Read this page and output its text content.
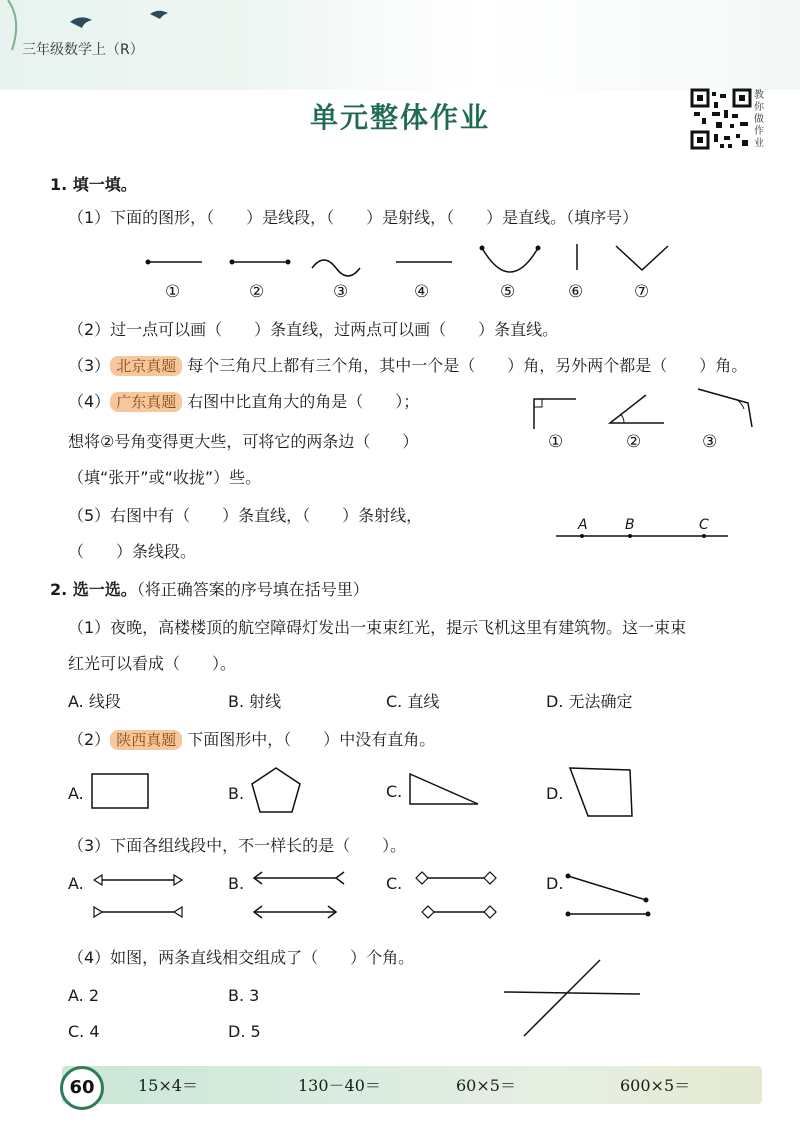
三年级数学上（R）
单元整体作业
教你做作业
1. 填一填。
（1）下面的图形，（　　）是线段，（　　）是射线，（　　）是直线。（填序号）
①	②	③	④	⑤	⑥	⑦
（2）过一点可以画（　　）条直线，过两点可以画（　　）条直线。
（3） 北京真题 每个三角尺上都有三个角，其中一个是（　　）角，另外两个都是（　　）角。
（4） 广东真题 右图中比直角大的角是（　　）；
想将②号角变得更大些，可将它的两条边（　　）
（填“张开”或“收拢”）些。
①	②	③
（5）右图中有（　　）条直线，（　　）条射线，
（　　）条线段。
A	B	C
2. 选一选。（将正确答案的序号填在括号里）
（1）夜晚，高楼楼顶的航空障碍灯发出一束束红光，提示飞机这里有建筑物。这一束束
红光可以看成（　　）。
A. 线段	B. 射线	C. 直线	D. 无法确定
（2） 陕西真题 下面图形中，（　　）中没有直角。
A.	B.	C.	D.
（3）下面各组线段中，不一样长的是（　　）。
A.	B.	C.	D.
（4）如图，两条直线相交组成了（　　）个角。
A. 2	B. 3
C. 4	D. 5
60	15×4＝	130－40＝	60×5＝	600×5＝
